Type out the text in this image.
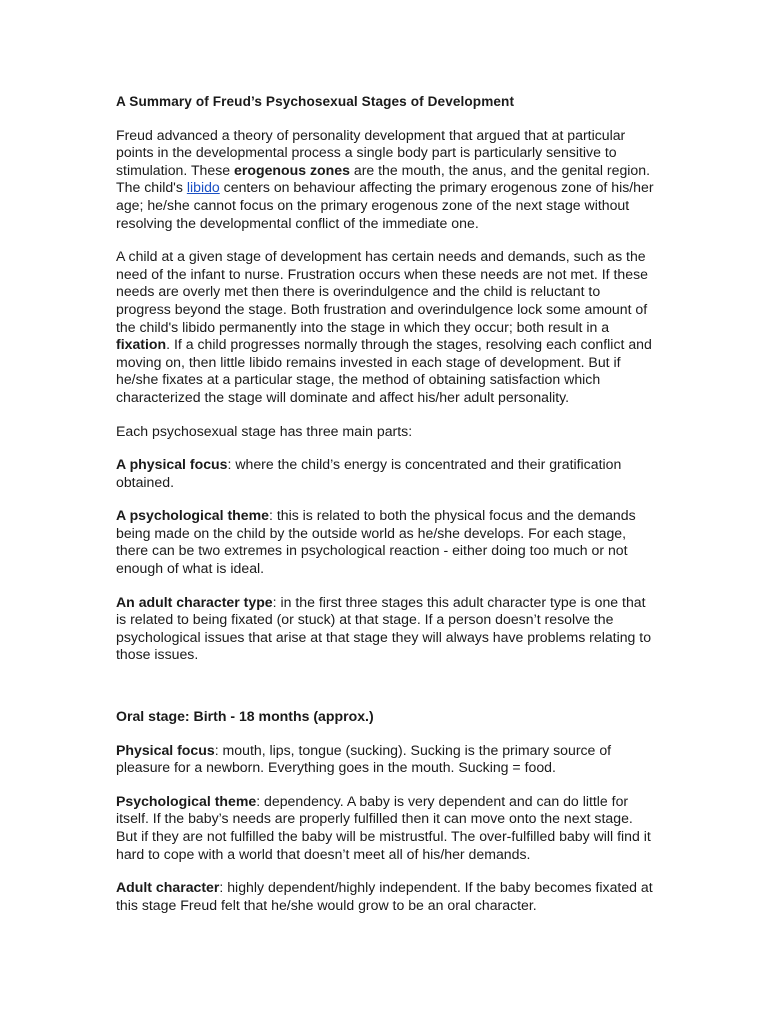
A Summary of Freud’s Psychosexual Stages of Development

Freud advanced a theory of personality development that argued that at particular points in the developmental process a single body part is particularly sensitive to stimulation. These erogenous zones are the mouth, the anus, and the genital region. The child's libido centers on behaviour affecting the primary erogenous zone of his/her age; he/she cannot focus on the primary erogenous zone of the next stage without resolving the developmental conflict of the immediate one.

A child at a given stage of development has certain needs and demands, such as the need of the infant to nurse. Frustration occurs when these needs are not met. If these needs are overly met then there is overindulgence and the child is reluctant to progress beyond the stage. Both frustration and overindulgence lock some amount of the child's libido permanently into the stage in which they occur; both result in a fixation. If a child progresses normally through the stages, resolving each conflict and moving on, then little libido remains invested in each stage of development. But if he/she fixates at a particular stage, the method of obtaining satisfaction which characterized the stage will dominate and affect his/her adult personality.

Each psychosexual stage has three main parts:

A physical focus: where the child’s energy is concentrated and their gratification obtained.

A psychological theme: this is related to both the physical focus and the demands being made on the child by the outside world as he/she develops. For each stage, there can be two extremes in psychological reaction - either doing too much or not enough of what is ideal.

An adult character type: in the first three stages this adult character type is one that is related to being fixated (or stuck) at that stage. If a person doesn’t resolve the psychological issues that arise at that stage they will always have problems relating to those issues.

Oral stage: Birth - 18 months (approx.)

Physical focus: mouth, lips, tongue (sucking). Sucking is the primary source of pleasure for a newborn. Everything goes in the mouth. Sucking = food.

Psychological theme: dependency. A baby is very dependent and can do little for itself. If the baby’s needs are properly fulfilled then it can move onto the next stage. But if they are not fulfilled the baby will be mistrustful. The over-fulfilled baby will find it hard to cope with a world that doesn’t meet all of his/her demands.

Adult character: highly dependent/highly independent. If the baby becomes fixated at this stage Freud felt that he/she would grow to be an oral character.
